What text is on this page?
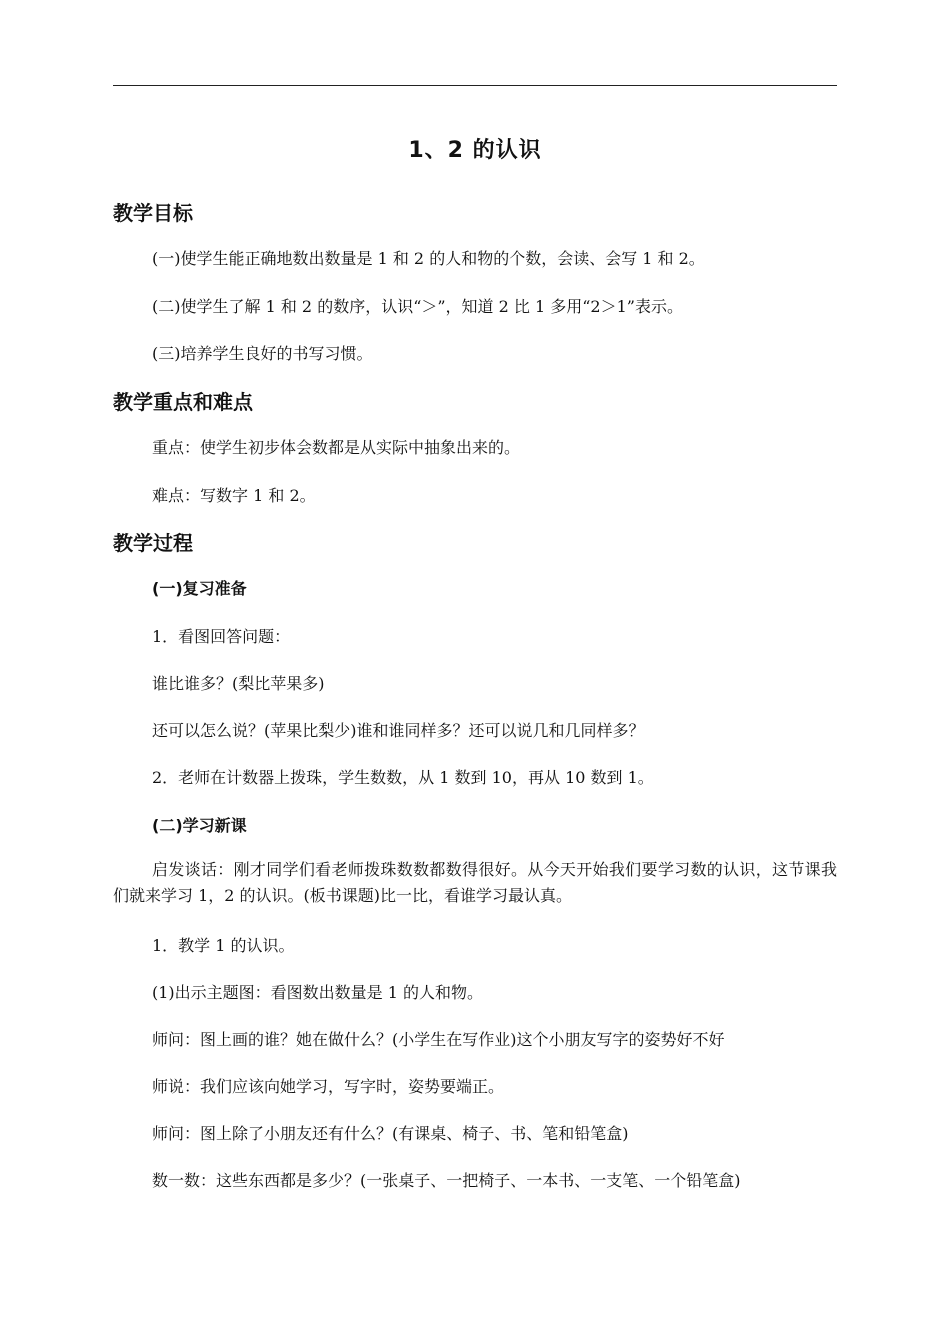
1、2 的认识
教学目标
(一)使学生能正确地数出数量是 1 和 2 的人和物的个数，会读、会写 1 和 2。
(二)使学生了解 1 和 2 的数序，认识“＞”，知道 2 比 1 多用“2＞1”表示。
(三)培养学生良好的书写习惯。
教学重点和难点
重点：使学生初步体会数都是从实际中抽象出来的。
难点：写数字 1 和 2。
教学过程
(一)复习准备
1．看图回答问题：
谁比谁多？(梨比苹果多)
还可以怎么说？(苹果比梨少)谁和谁同样多？还可以说几和几同样多？
2．老师在计数器上拨珠，学生数数，从 1 数到 10，再从 10 数到 1。
(二)学习新课
启发谈话：刚才同学们看老师拨珠数数都数得很好。从今天开始我们要学习数的认识，这节课我们就来学习 1，2 的认识。(板书课题)比一比，看谁学习最认真。
1．教学 1 的认识。
(1)出示主题图：看图数出数量是 1 的人和物。
师问：图上画的谁？她在做什么？(小学生在写作业)这个小朋友写字的姿势好不好
师说：我们应该向她学习，写字时，姿势要端正。
师问：图上除了小朋友还有什么？(有课桌、椅子、书、笔和铅笔盒)
数一数：这些东西都是多少？(一张桌子、一把椅子、一本书、一支笔、一个铅笔盒)
